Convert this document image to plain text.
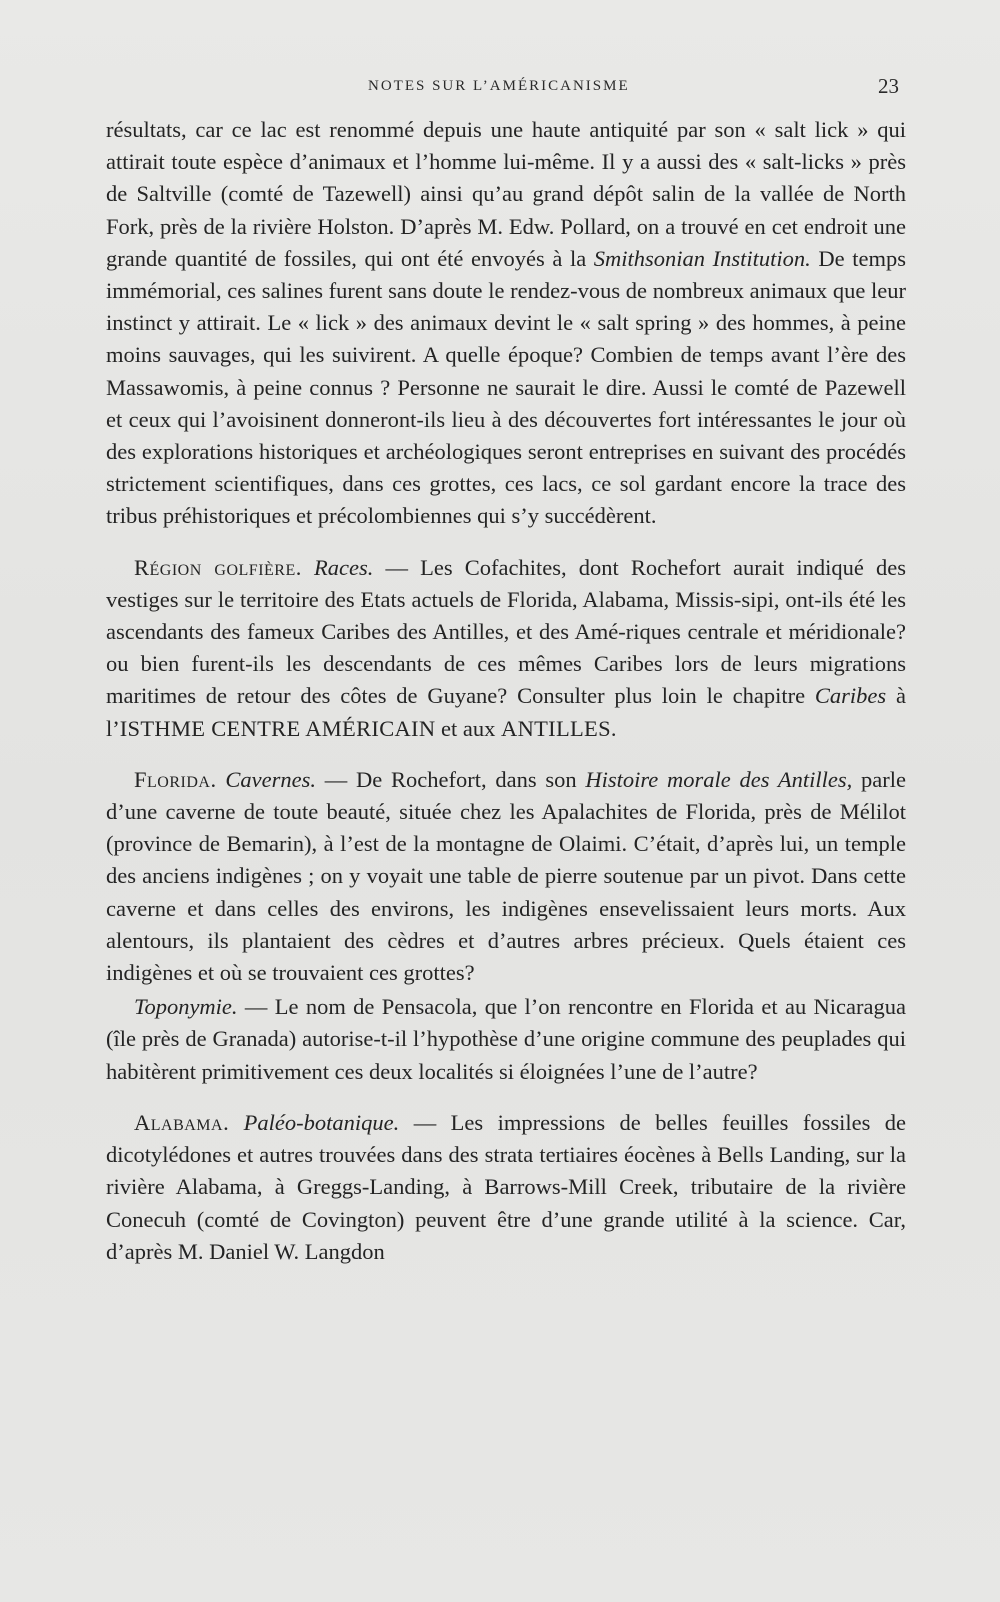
NOTES SUR L’AMÉRICANISME	23

résultats, car ce lac est renommé depuis une haute antiquité par son « salt lick » qui attirait toute espèce d’animaux et l’homme lui-même. Il y a aussi des « salt-licks » près de Saltville (comté de Tazewell) ainsi qu’au grand dépôt salin de la vallée de North Fork, près de la rivière Holston. D’après M. Edw. Pollard, on a trouvé en cet endroit une grande quantité de fossiles, qui ont été envoyés à la Smithsonian Institution. De temps immémorial, ces salines furent sans doute le rendez-vous de nombreux animaux que leur instinct y attirait. Le « lick » des animaux devint le « salt spring » des hommes, à peine moins sauvages, qui les suivirent. A quelle époque? Combien de temps avant l’ère des Massawomis, à peine connus ? Personne ne saurait le dire. Aussi le comté de Pazewell et ceux qui l’avoisinent donneront-ils lieu à des découvertes fort intéressantes le jour où des explorations historiques et archéologiques seront entreprises en suivant des procédés strictement scientifiques, dans ces grottes, ces lacs, ce sol gardant encore la trace des tribus préhistoriques et précolombiennes qui s’y succédèrent.

Région golfière. Races. — Les Cofachites, dont Rochefort aurait indiqué des vestiges sur le territoire des Etats actuels de Florida, Alabama, Missis-sipi, ont-ils été les ascendants des fameux Caribes des Antilles, et des Amé-riques centrale et méridionale? ou bien furent-ils les descendants de ces mêmes Caribes lors de leurs migrations maritimes de retour des côtes de Guyane? Consulter plus loin le chapitre Caribes à l’ISTHME CENTRE AMÉRICAIN et aux ANTILLES.

Florida. Cavernes. — De Rochefort, dans son Histoire morale des Antilles, parle d’une caverne de toute beauté, située chez les Apalachites de Florida, près de Mélilot (province de Bemarin), à l’est de la montagne de Olaimi. C’était, d’après lui, un temple des anciens indigènes ; on y voyait une table de pierre soutenue par un pivot. Dans cette caverne et dans celles des environs, les indigènes ensevelissaient leurs morts. Aux alentours, ils plantaient des cèdres et d’autres arbres précieux. Quels étaient ces indigènes et où se trouvaient ces grottes?

Toponymie. — Le nom de Pensacola, que l’on rencontre en Florida et au Nicaragua (île près de Granada) autorise-t-il l’hypothèse d’une origine commune des peuplades qui habitèrent primitivement ces deux localités si éloignées l’une de l’autre?

Alabama. Paléo-botanique. — Les impressions de belles feuilles fossiles de dicotylédones et autres trouvées dans des strata tertiaires éocènes à Bells Landing, sur la rivière Alabama, à Greggs-Landing, à Barrows-Mill Creek, tributaire de la rivière Conecuh (comté de Covington) peuvent être d’une grande utilité à la science. Car, d’après M. Daniel W. Langdon
